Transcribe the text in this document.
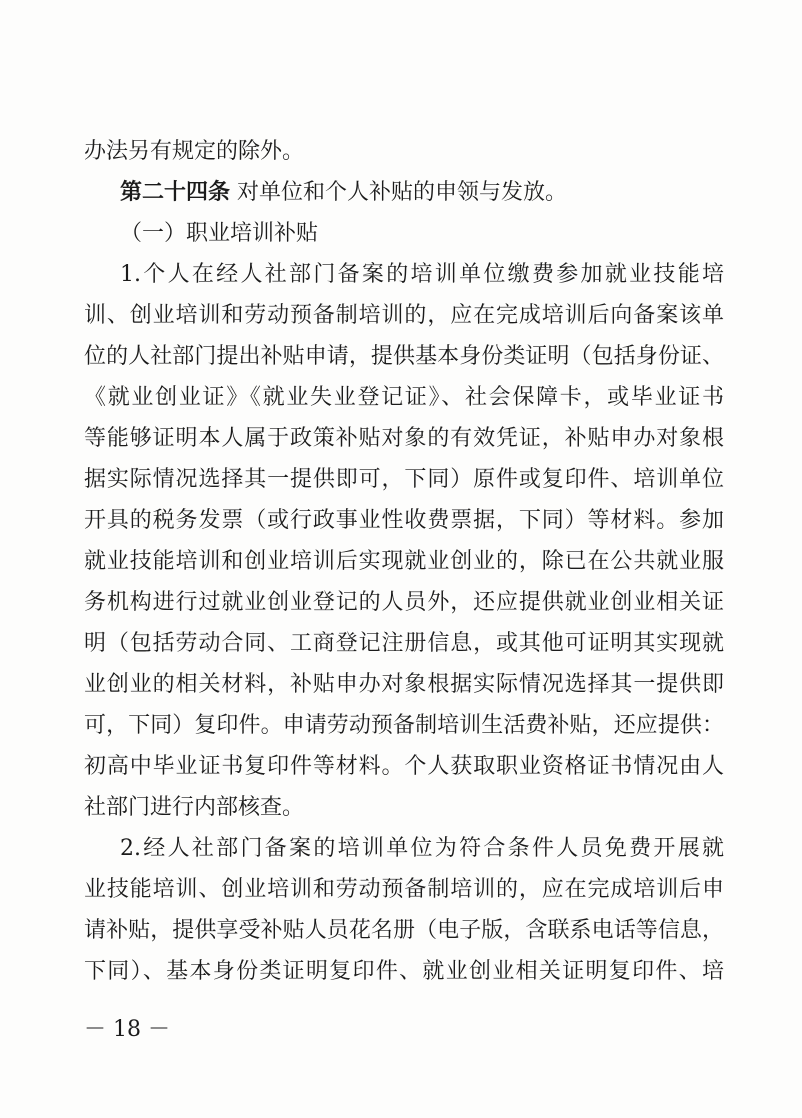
办法另有规定的除外。
第二十四条 对单位和个人补贴的申领与发放。
（一）职业培训补贴
1.个人在经人社部门备案的培训单位缴费参加就业技能培
训、创业培训和劳动预备制培训的，应在完成培训后向备案该单
位的人社部门提出补贴申请，提供基本身份类证明（包括身份证、
《就业创业证》《就业失业登记证》、社会保障卡，或毕业证书
等能够证明本人属于政策补贴对象的有效凭证，补贴申办对象根
据实际情况选择其一提供即可，下同）原件或复印件、培训单位
开具的税务发票（或行政事业性收费票据，下同）等材料。参加
就业技能培训和创业培训后实现就业创业的，除已在公共就业服
务机构进行过就业创业登记的人员外，还应提供就业创业相关证
明（包括劳动合同、工商登记注册信息，或其他可证明其实现就
业创业的相关材料，补贴申办对象根据实际情况选择其一提供即
可，下同）复印件。申请劳动预备制培训生活费补贴，还应提供：
初高中毕业证书复印件等材料。个人获取职业资格证书情况由人
社部门进行内部核查。
2.经人社部门备案的培训单位为符合条件人员免费开展就
业技能培训、创业培训和劳动预备制培训的，应在完成培训后申
请补贴，提供享受补贴人员花名册（电子版，含联系电话等信息，
下同）、基本身份类证明复印件、就业创业相关证明复印件、培
－ 18 －
